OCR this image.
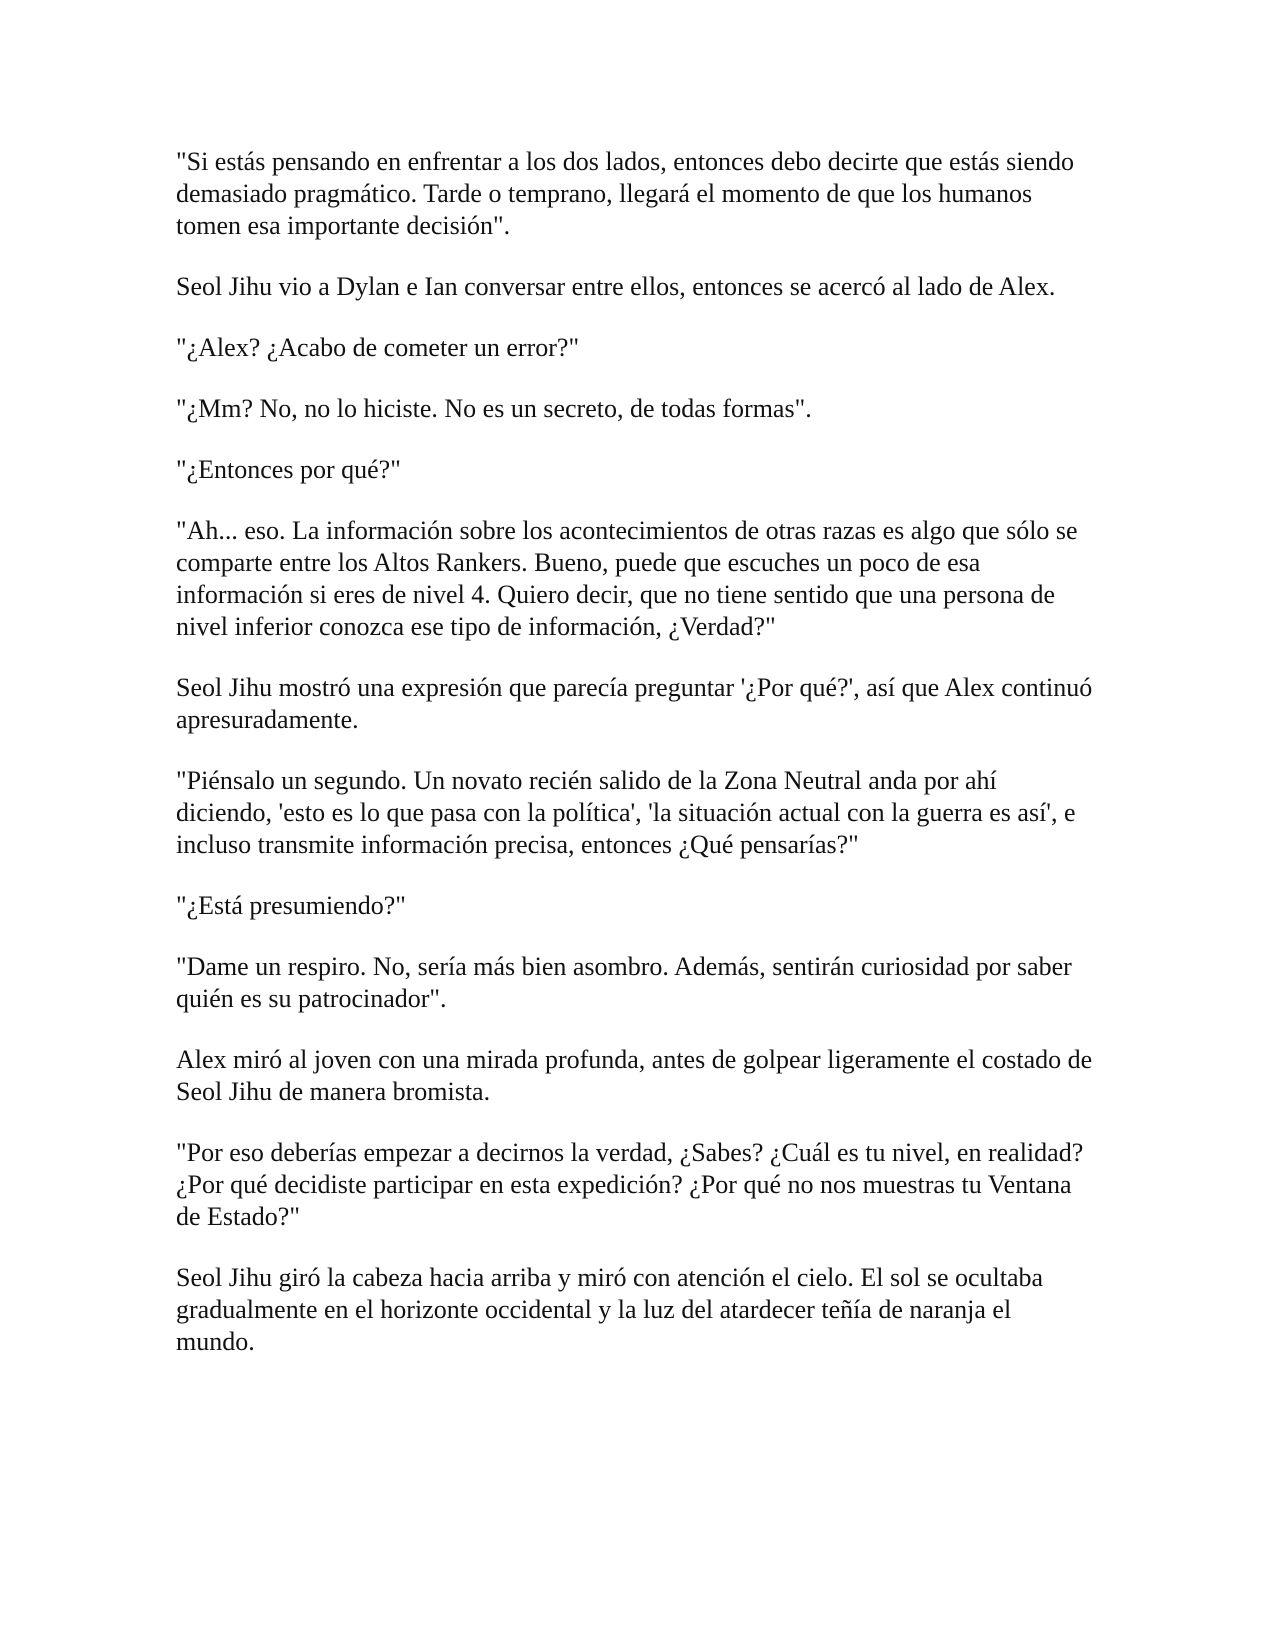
"Si estás pensando en enfrentar a los dos lados, entonces debo decirte que estás siendo demasiado pragmático. Tarde o temprano, llegará el momento de que los humanos tomen esa importante decisión".

Seol Jihu vio a Dylan e Ian conversar entre ellos, entonces se acercó al lado de Alex.

"¿Alex? ¿Acabo de cometer un error?"

"¿Mm? No, no lo hiciste. No es un secreto, de todas formas".

"¿Entonces por qué?"

"Ah... eso. La información sobre los acontecimientos de otras razas es algo que sólo se comparte entre los Altos Rankers. Bueno, puede que escuches un poco de esa información si eres de nivel 4. Quiero decir, que no tiene sentido que una persona de nivel inferior conozca ese tipo de información, ¿Verdad?"

Seol Jihu mostró una expresión que parecía preguntar '¿Por qué?', así que Alex continuó apresuradamente.

"Piénsalo un segundo. Un novato recién salido de la Zona Neutral anda por ahí diciendo, 'esto es lo que pasa con la política', 'la situación actual con la guerra es así', e incluso transmite información precisa, entonces ¿Qué pensarías?"

"¿Está presumiendo?"

"Dame un respiro. No, sería más bien asombro. Además, sentirán curiosidad por saber quién es su patrocinador".

Alex miró al joven con una mirada profunda, antes de golpear ligeramente el costado de Seol Jihu de manera bromista.

"Por eso deberías empezar a decirnos la verdad, ¿Sabes? ¿Cuál es tu nivel, en realidad? ¿Por qué decidiste participar en esta expedición? ¿Por qué no nos muestras tu Ventana de Estado?"

Seol Jihu giró la cabeza hacia arriba y miró con atención el cielo. El sol se ocultaba gradualmente en el horizonte occidental y la luz del atardecer teñía de naranja el mundo.
